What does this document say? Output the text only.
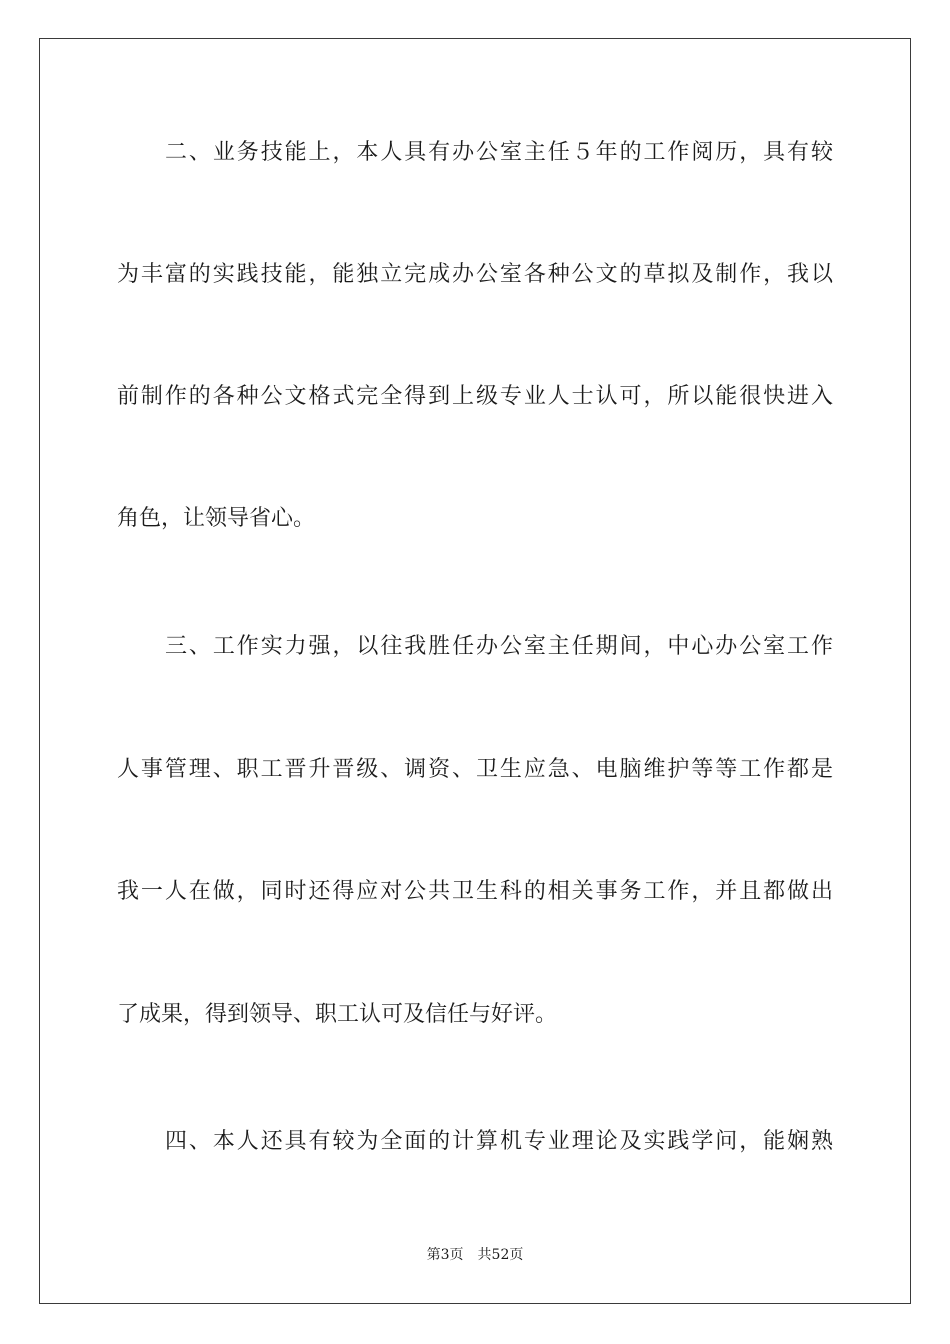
二、业务技能上，本人具有办公室主任５年的工作阅历，具有较
为丰富的实践技能，能独立完成办公室各种公文的草拟及制作，我以
前制作的各种公文格式完全得到上级专业人士认可，所以能很快进入
角色，让领导省心。
三、工作实力强，以往我胜任办公室主任期间，中心办公室工作
人事管理、职工晋升晋级、调资、卫生应急、电脑维护等等工作都是
我一人在做，同时还得应对公共卫生科的相关事务工作，并且都做出
了成果，得到领导、职工认可及信任与好评。
四、本人还具有较为全面的计算机专业理论及实践学问，能娴熟
第3页 共52页
